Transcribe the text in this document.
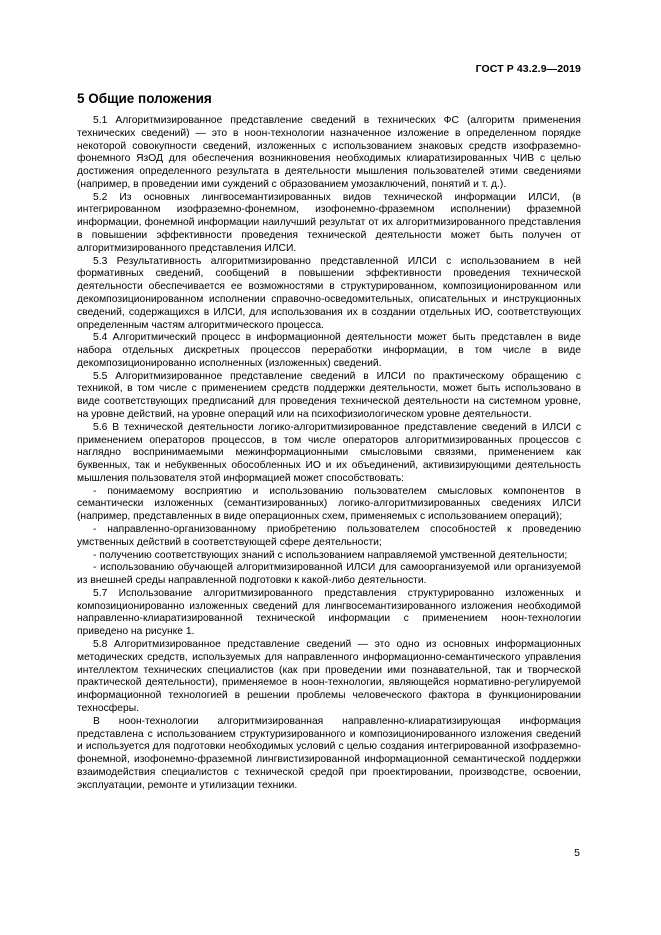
ГОСТ Р 43.2.9—2019
5 Общие положения

5.1 Алгоритмизированное представление сведений в технических ФС (алгоритм применения технических сведений) — это в ноон-технологии назначенное изложение в определенном порядке некоторой совокупности сведений, изложенных с использованием знаковых средств изофраземно-фонемного ЯзОД для обеспечения возникновения необходимых клиаратизированных ЧИВ с целью достижения определенного результата в деятельности мышления пользователей этими сведениями (например, в проведении ими суждений с образованием умозаключений, понятий и т. д.).

5.2 Из основных лингвосемантизированных видов технической информации ИЛСИ, (в интегрированном изофраземно-фонемном, изофонемно-фраземном исполнении) фраземной информации, фонемной информации наилучший результат от их алгоритмизированного представления в повышении эффективности проведения технической деятельности может быть получен от алгоритмизированного представления ИЛСИ.

5.3 Результативность алгоритмизированно представленной ИЛСИ с использованием в ней формативных сведений, сообщений в повышении эффективности проведения технической деятельности обеспечивается ее возможностями в структурированном, композиционированном или декомпозиционированном исполнении справочно-осведомительных, описательных и инструкционных сведений, содержащихся в ИЛСИ, для использования их в создании отдельных ИО, соответствующих определенным частям алгоритмического процесса.

5.4 Алгоритмический процесс в информационной деятельности может быть представлен в виде набора отдельных дискретных процессов переработки информации, в том числе в виде декомпозиционированно исполненных (изложенных) сведений.

5.5 Алгоритмизированное представление сведений в ИЛСИ по практическому обращению с техникой, в том числе с применением средств поддержки деятельности, может быть использовано в виде соответствующих предписаний для проведения технической деятельности на системном уровне, на уровне действий, на уровне операций или на психофизиологическом уровне деятельности.

5.6 В технической деятельности логико-алгоритмизированное представление сведений в ИЛСИ с применением операторов процессов, в том числе операторов алгоритмизированных процессов с наглядно воспринимаемыми межинформационными смысловыми связями, применением как буквенных, так и небуквенных обособленных ИО и их объединений, активизирующими деятельность мышления пользователя этой информацией может способствовать:

- понимаемому восприятию и использованию пользователем смысловых компонентов в семантически изложенных (семантизированных) логико-алгоритмизированных сведениях ИЛСИ (например, представленных в виде операционных схем, применяемых с использованием операций);

- направленно-организованному приобретению пользователем способностей к проведению умственных действий в соответствующей сфере деятельности;

- получению соответствующих знаний с использованием направляемой умственной деятельности;

- использованию обучающей алгоритмизированной ИЛСИ для самоорганизуемой или организуемой из внешней среды направленной подготовки к какой-либо деятельности.

5.7 Использование алгоритмизированного представления структурированно изложенных и композиционированно изложенных сведений для лингвосемантизированного изложения необходимой направленно-клиаратизированной технической информации с применением ноон-технологии приведено на рисунке 1.

5.8 Алгоритмизированное представление сведений — это одно из основных информационных методических средств, используемых для направленного информационно-семантического управления интеллектом технических специалистов (как при проведении ими познавательной, так и творческой практической деятельности), применяемое в ноон-технологии, являющейся нормативно-регулируемой информационной технологией в решении проблемы человеческого фактора в функционировании техносферы.

В ноон-технологии алгоритмизированная направленно-клиаратизирующая информация представлена с использованием структуризированного и композиционированного изложения сведений и используется для подготовки необходимых условий с целью создания интегрированной изофраземно-фонемной, изофонемно-фраземной лингвистизированной информационной семантической поддержки взаимодействия специалистов с технической средой при проектировании, производстве, освоении, эксплуатации, ремонте и утилизации техники.

5
